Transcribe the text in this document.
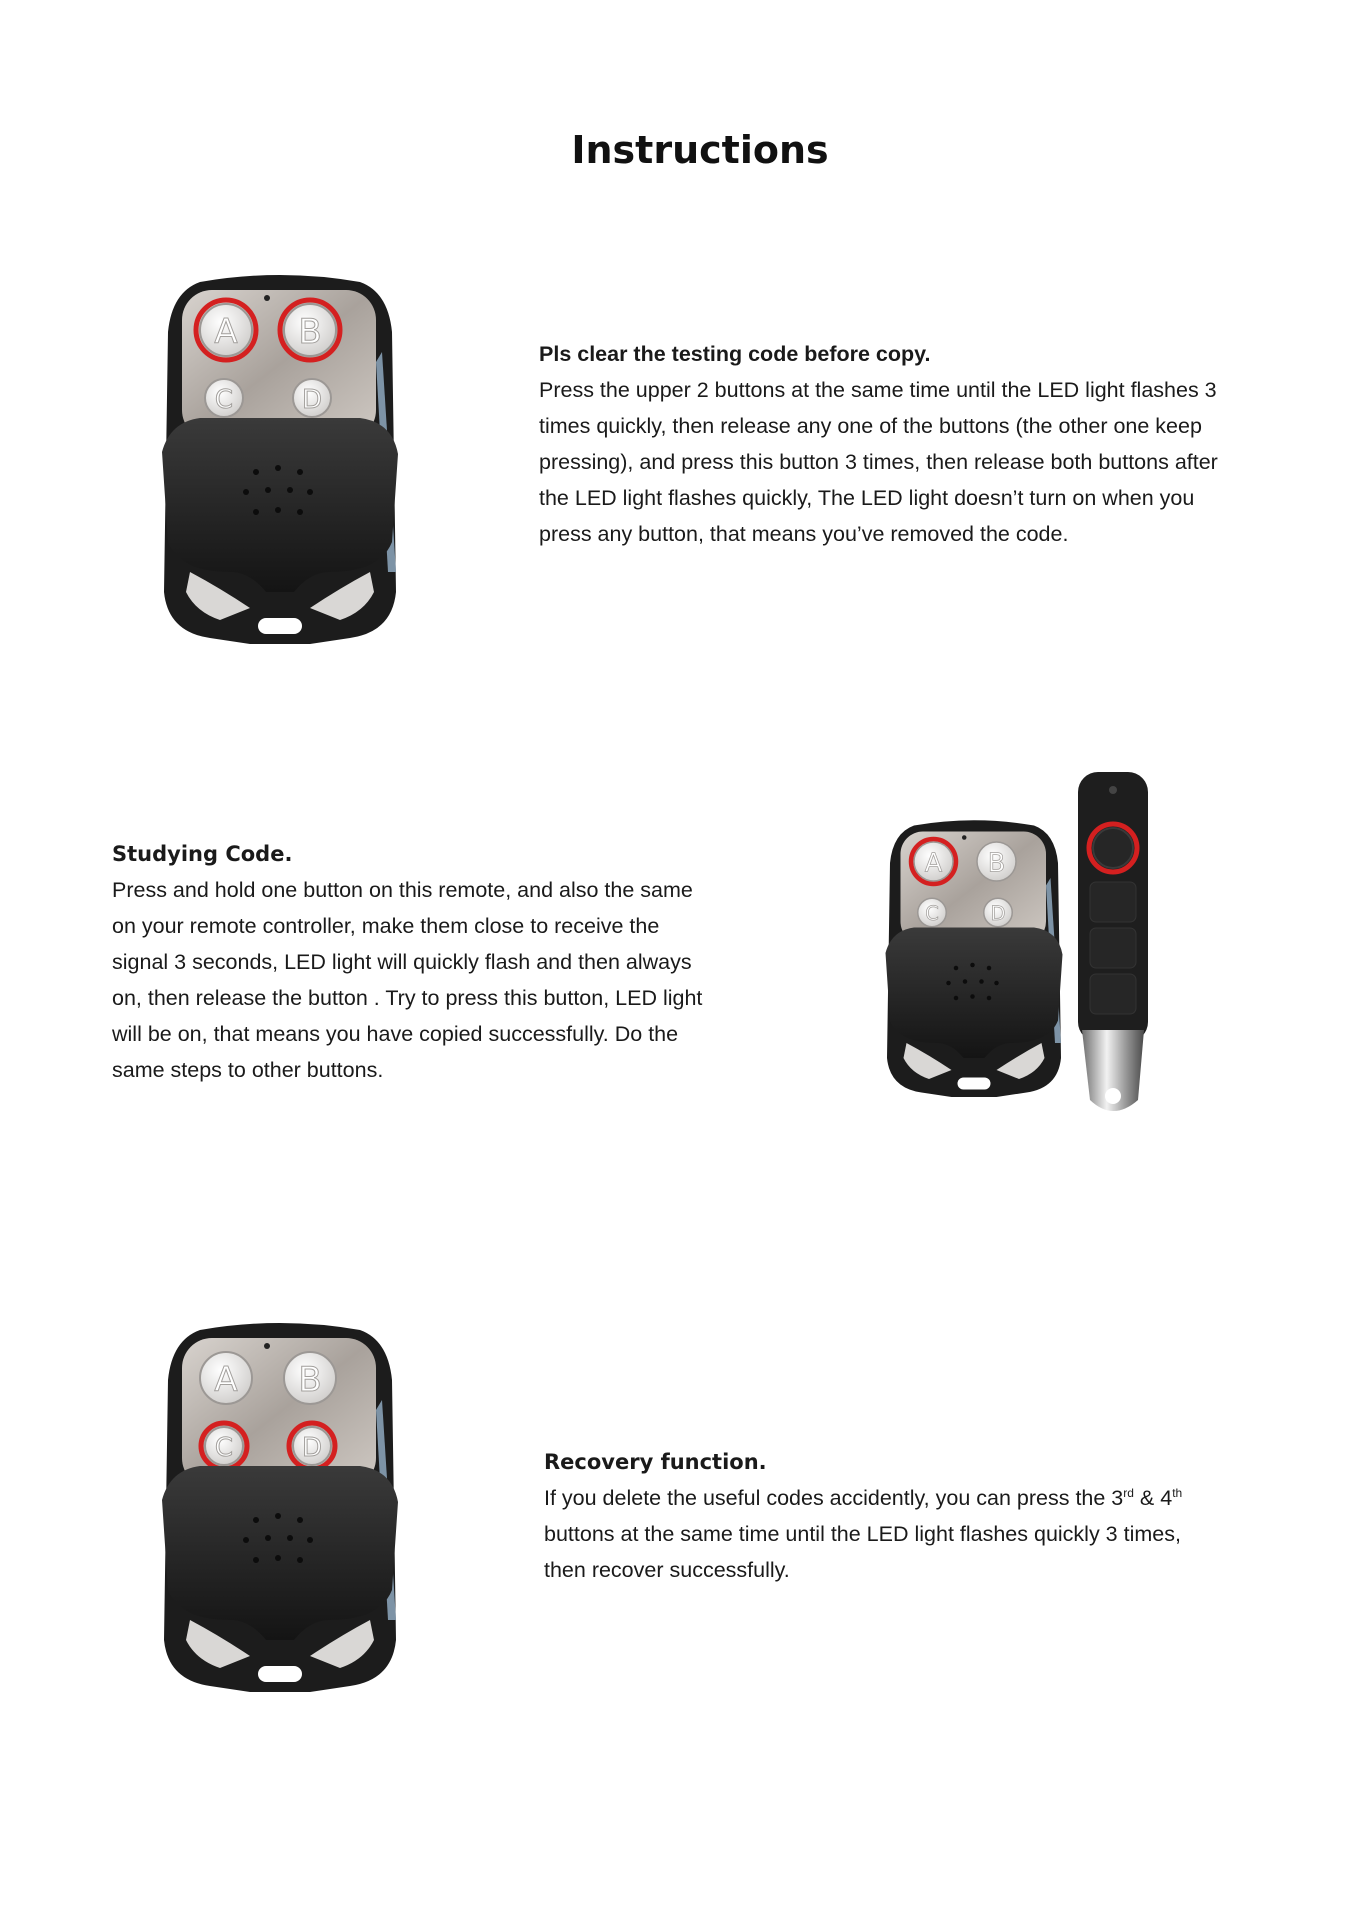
Instructions
Pls clear the testing code before copy.
Press the upper 2 buttons at the same time until the LED light flashes 3
times quickly, then release any one of the buttons (the other one keep
pressing), and press this button 3 times, then release both buttons after
the LED light flashes quickly, The LED light doesn’t turn on when you
press any button, that means you’ve removed the code.
Studying Code.
Press and hold one button on this remote, and also the same
on your remote controller, make them close to receive the
signal 3 seconds, LED light will quickly flash and then always
on, then release the button . Try to press this button, LED light
will be on, that means you have copied successfully. Do the
same steps to other buttons.
Recovery function.
If you delete the useful codes accidently, you can press the 3rd & 4th
buttons at the same time until the LED light flashes quickly 3 times,
then recover successfully.
A B
C	D
A B
C	D
A B
C D
